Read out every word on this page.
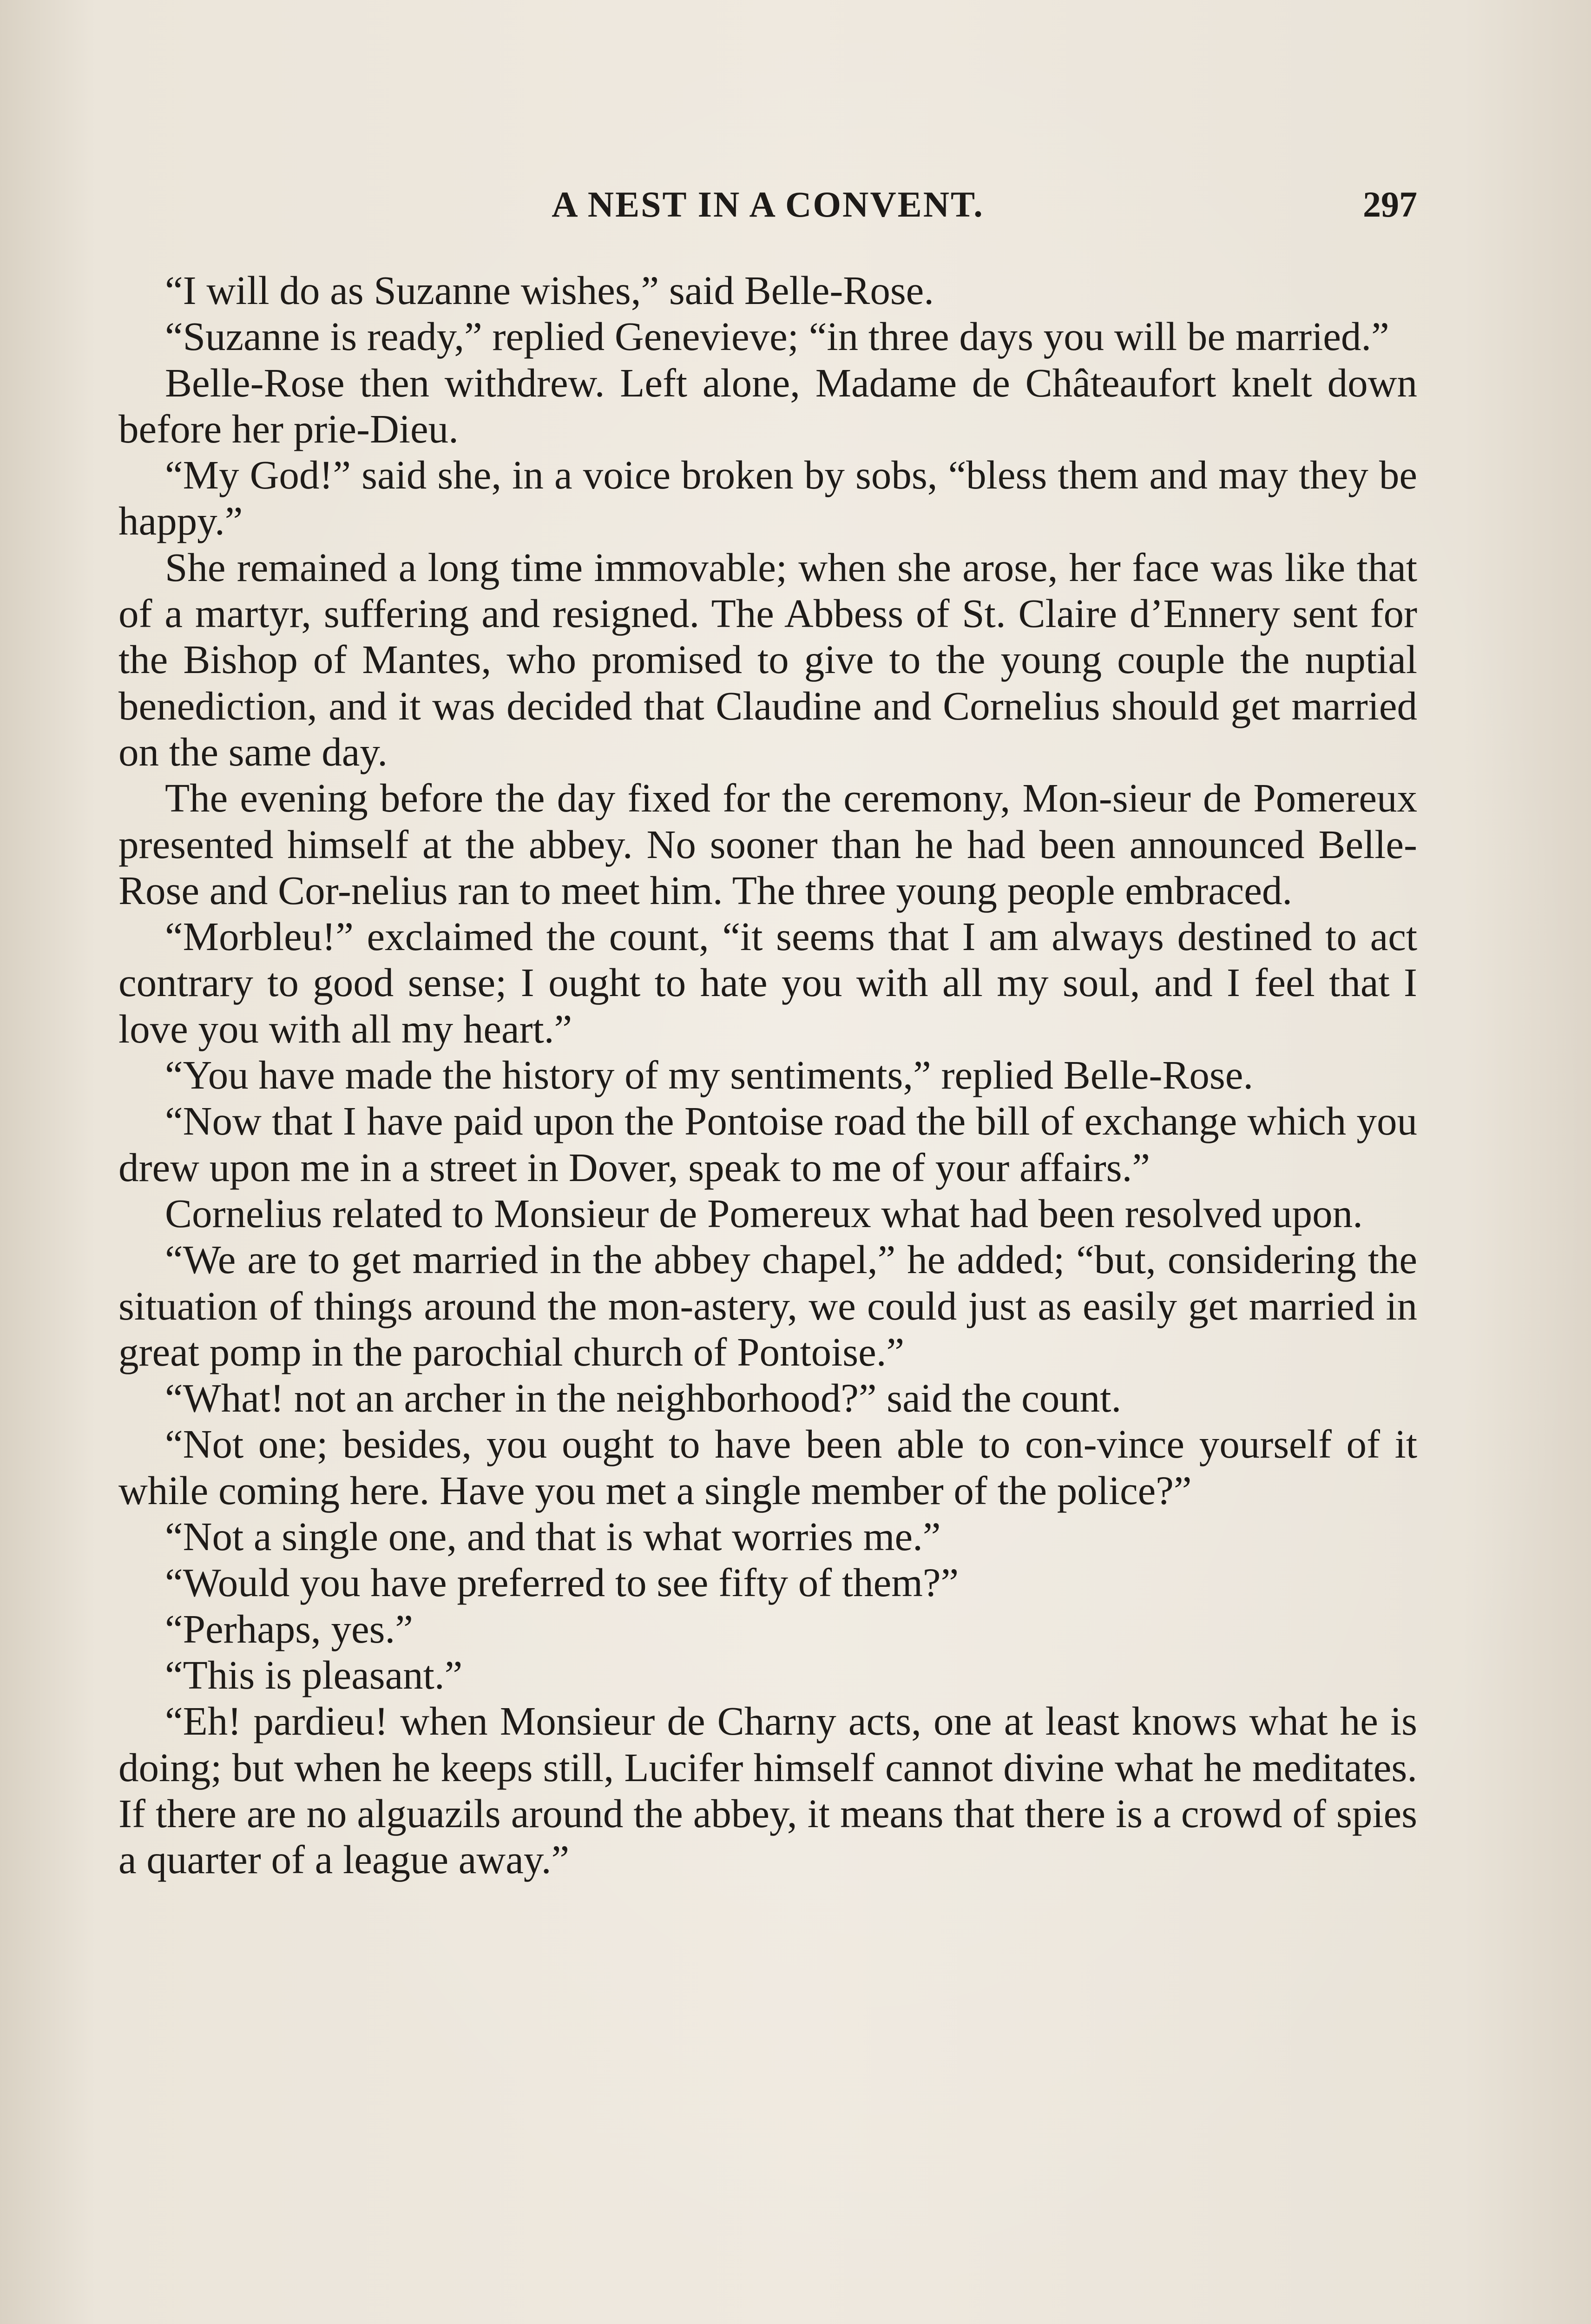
A NEST IN A CONVENT.	297

“I will do as Suzanne wishes,” said Belle-Rose.

“Suzanne is ready,” replied Genevieve; “in three days you will be married.”

Belle-Rose then withdrew. Left alone, Madame de Châteaufort knelt down before her prie-Dieu.

“My God!” said she, in a voice broken by sobs, “bless them and may they be happy.”

She remained a long time immovable; when she arose, her face was like that of a martyr, suffering and resigned. The Abbess of St. Claire d’Ennery sent for the Bishop of Mantes, who promised to give to the young couple the nuptial benediction, and it was decided that Claudine and Cornelius should get married on the same day.

The evening before the day fixed for the ceremony, Mon-sieur de Pomereux presented himself at the abbey. No sooner than he had been announced Belle-Rose and Cor-nelius ran to meet him. The three young people embraced.

“Morbleu!” exclaimed the count, “it seems that I am always destined to act contrary to good sense; I ought to hate you with all my soul, and I feel that I love you with all my heart.”

“You have made the history of my sentiments,” replied Belle-Rose.

“Now that I have paid upon the Pontoise road the bill of exchange which you drew upon me in a street in Dover, speak to me of your affairs.”

Cornelius related to Monsieur de Pomereux what had been resolved upon.

“We are to get married in the abbey chapel,” he added; “but, considering the situation of things around the mon-astery, we could just as easily get married in great pomp in the parochial church of Pontoise.”

“What! not an archer in the neighborhood?” said the count.

“Not one; besides, you ought to have been able to con-vince yourself of it while coming here. Have you met a single member of the police?”

“Not a single one, and that is what worries me.”

“Would you have preferred to see fifty of them?”

“Perhaps, yes.”

“This is pleasant.”

“Eh! pardieu! when Monsieur de Charny acts, one at least knows what he is doing; but when he keeps still, Lucifer himself cannot divine what he meditates. If there are no alguazils around the abbey, it means that there is a crowd of spies a quarter of a league away.”
